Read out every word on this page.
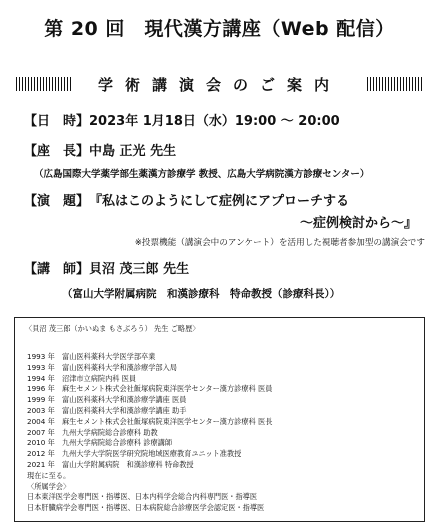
第 20 回　現代漢方講座（Web 配信）
学術講演会のご案内
【日　時】2023年 1月18日（水）19:00 ～ 20:00
【座　長】中島 正光 先生
（広島国際大学薬学部生薬漢方診療学 教授、広島大学病院漢方診療センター）
【演　題】『私はこのようにして症例にアプローチする
～症例検討から～』
※投票機能（講演会中のアンケート）を活用した視聴者参加型の講演会です
【講　師】貝沼 茂三郎 先生
（富山大学附属病院　和漢診療科　特命教授（診療科長））
〈貝沼 茂三郎（かいぬま もさぶろう） 先生 ご略歴〉
1993 年　富山医科薬科大学医学部卒業
1993 年　富山医科薬科大学和漢診療学部入局
1994 年　沼津市立病院内科 医員
1996 年　麻生セメント株式会社飯塚病院東洋医学センター漢方診療科 医員
1999 年　富山医科薬科大学和漢診療学講座 医員
2003 年　富山医科薬科大学和漢診療学講座 助手
2004 年　麻生セメント株式会社飯塚病院東洋医学センター漢方診療科 医長
2007 年　九州大学病院総合診療科 助教
2010 年　九州大学病院総合診療科 診療講師
2012 年　九州大学大学院医学研究院地域医療教育ユニット准教授
2021 年　富山大学附属病院　和漢診療科 特命教授
現在に至る。
〈所属学会〉
日本東洋医学会専門医・指導医、日本内科学会総合内科専門医・指導医
日本肝臓病学会専門医・指導医、日本病院総合診療医学会認定医・指導医
